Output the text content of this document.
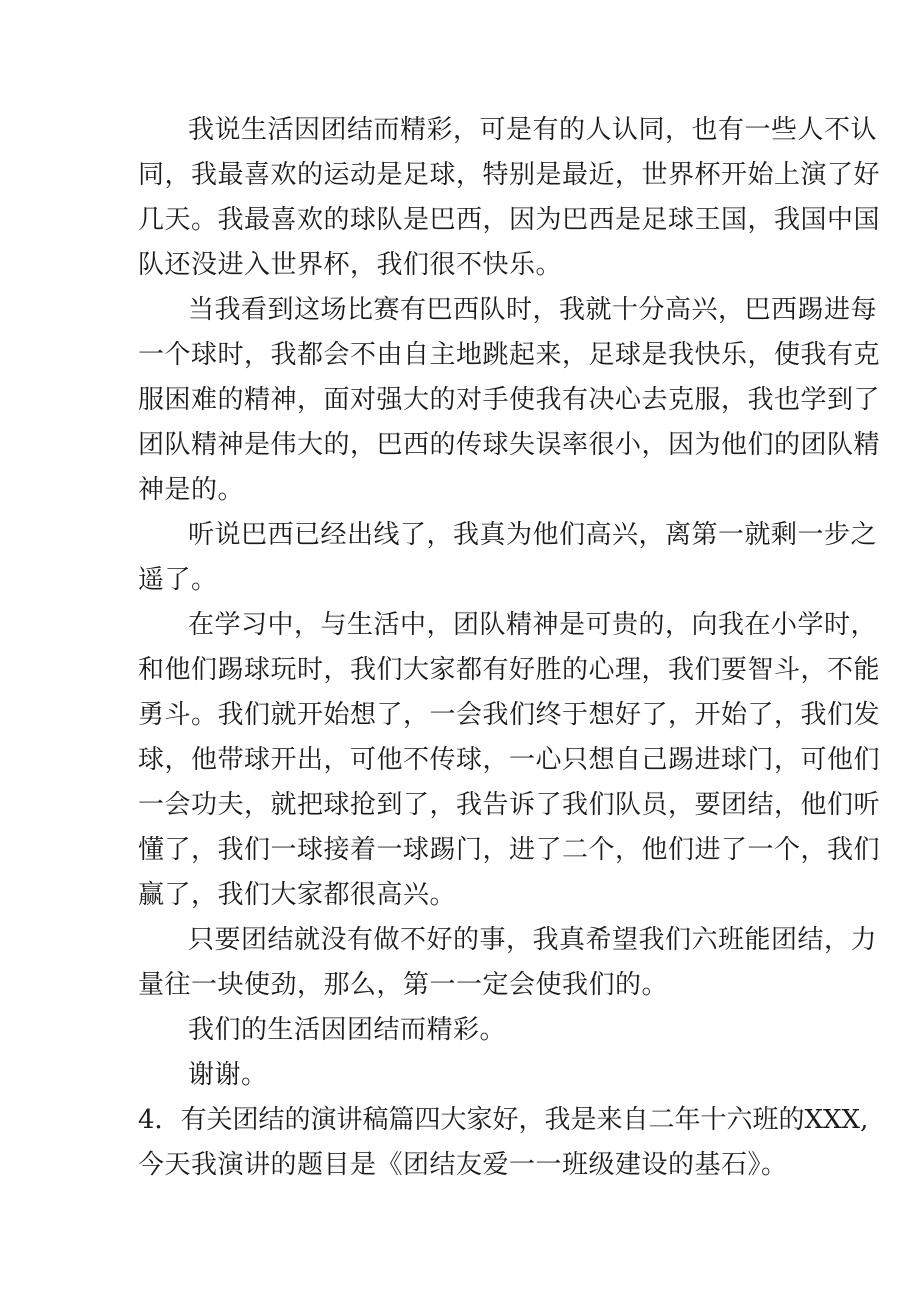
我说生活因团结而精彩，可是有的人认同，也有一些人不认
同，我最喜欢的运动是足球，特别是最近，世界杯开始上演了好
几天。我最喜欢的球队是巴西，因为巴西是足球王国，我国中国
队还没进入世界杯，我们很不快乐。
当我看到这场比赛有巴西队时，我就十分高兴，巴西踢进每
一个球时，我都会不由自主地跳起来，足球是我快乐，使我有克
服困难的精神，面对强大的对手使我有决心去克服，我也学到了
团队精神是伟大的，巴西的传球失误率很小，因为他们的团队精
神是的。
听说巴西已经出线了，我真为他们高兴，离第一就剩一步之
遥了。
在学习中，与生活中，团队精神是可贵的，向我在小学时，
和他们踢球玩时，我们大家都有好胜的心理，我们要智斗，不能
勇斗。我们就开始想了，一会我们终于想好了，开始了，我们发
球，他带球开出，可他不传球，一心只想自己踢进球门，可他们
一会功夫，就把球抢到了，我告诉了我们队员，要团结，他们听
懂了，我们一球接着一球踢门，进了二个，他们进了一个，我们
赢了，我们大家都很高兴。
只要团结就没有做不好的事，我真希望我们六班能团结，力
量往一块使劲，那么，第一一定会使我们的。
我们的生活因团结而精彩。
谢谢。
4．有关团结的演讲稿篇四大家好，我是来自二年十六班的XXX,
今天我演讲的题目是《团结友爱一一班级建设的基石》。
